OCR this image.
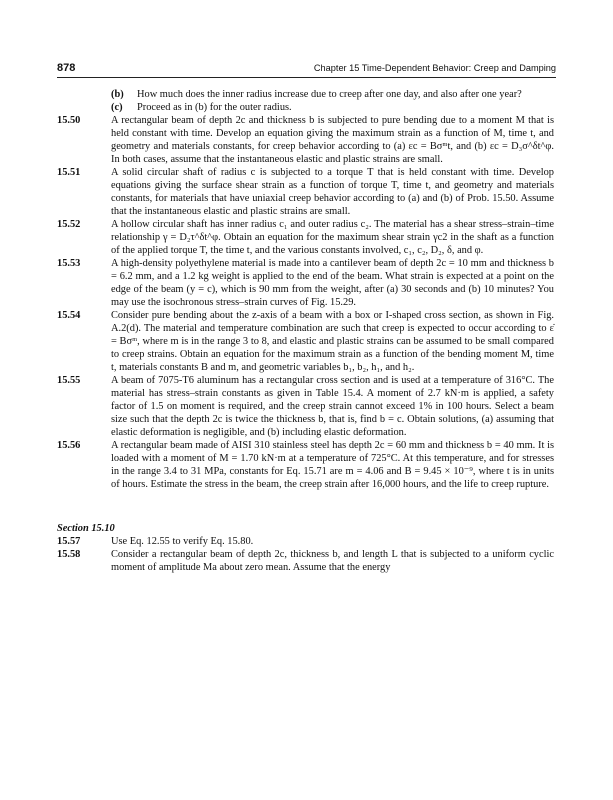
878	Chapter 15 Time-Dependent Behavior: Creep and Damping
(b) How much does the inner radius increase due to creep after one day, and also after one year?
(c) Proceed as in (b) for the outer radius.
15.50	A rectangular beam of depth 2c and thickness b is subjected to pure bending due to a moment M that is held constant with time. Develop an equation giving the maximum strain as a function of M, time t, and geometry and materials constants, for creep behavior according to (a) εc = Bσᵐt, and (b) εc = D₃σ^δt^φ. In both cases, assume that the instantaneous elastic and plastic strains are small.
15.51	A solid circular shaft of radius c is subjected to a torque T that is held constant with time. Develop equations giving the surface shear strain as a function of torque T, time t, and geometry and materials constants, for materials that have uniaxial creep behavior according to (a) and (b) of Prob. 15.50. Assume that the instantaneous elastic and plastic strains are small.
15.52	A hollow circular shaft has inner radius c₁ and outer radius c₂. The material has a shear stress–strain–time relationship γ = D₂τ^δt^φ. Obtain an equation for the maximum shear strain γc2 in the shaft as a function of the applied torque T, the time t, and the various constants involved, c₁, c₂, D₂, δ, and φ.
15.53	A high-density polyethylene material is made into a cantilever beam of depth 2c = 10 mm and thickness b = 6.2 mm, and a 1.2 kg weight is applied to the end of the beam. What strain is expected at a point on the edge of the beam (y = c), which is 90 mm from the weight, after (a) 30 seconds and (b) 10 minutes? You may use the isochronous stress–strain curves of Fig. 15.29.
15.54	Consider pure bending about the z-axis of a beam with a box or I-shaped cross section, as shown in Fig. A.2(d). The material and temperature combination are such that creep is expected to occur according to ε̇ = Bσᵐ, where m is in the range 3 to 8, and elastic and plastic strains can be assumed to be small compared to creep strains. Obtain an equation for the maximum strain as a function of the bending moment M, time t, materials constants B and m, and geometric variables b₁, b₂, h₁, and h₂.
15.55	A beam of 7075-T6 aluminum has a rectangular cross section and is used at a temperature of 316°C. The material has stress–strain constants as given in Table 15.4. A moment of 2.7 kN·m is applied, a safety factor of 1.5 on moment is required, and the creep strain cannot exceed 1% in 100 hours. Select a beam size such that the depth 2c is twice the thickness b, that is, find b = c. Obtain solutions, (a) assuming that elastic deformation is negligible, and (b) including elastic deformation.
15.56	A rectangular beam made of AISI 310 stainless steel has depth 2c = 60 mm and thickness b = 40 mm. It is loaded with a moment of M = 1.70 kN·m at a temperature of 725°C. At this temperature, and for stresses in the range 3.4 to 31 MPa, constants for Eq. 15.71 are m = 4.06 and B = 9.45 × 10⁻⁹, where t is in units of hours. Estimate the stress in the beam, the creep strain after 16,000 hours, and the life to creep rupture.
Section 15.10
15.57	Use Eq. 12.55 to verify Eq. 15.80.
15.58	Consider a rectangular beam of depth 2c, thickness b, and length L that is subjected to a uniform cyclic moment of amplitude Ma about zero mean. Assume that the energy
